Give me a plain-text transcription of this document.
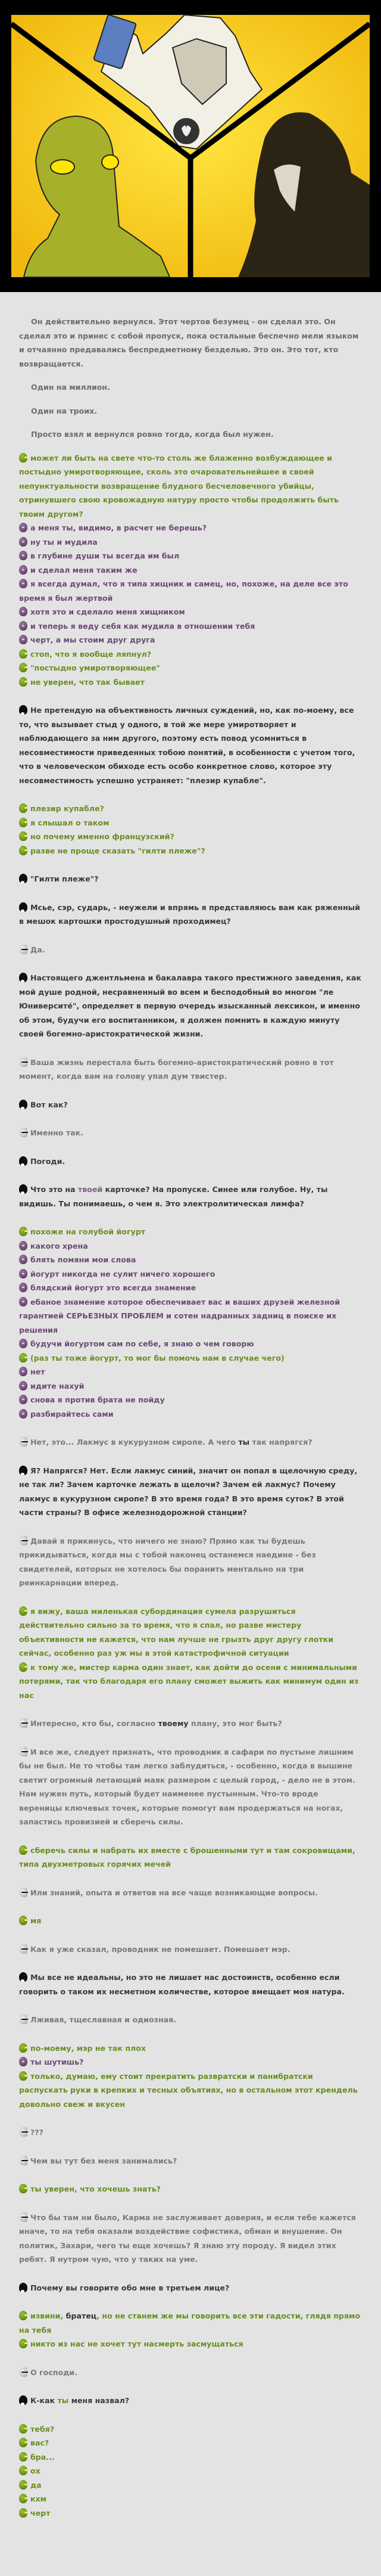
Он действительно вернулся. Этот чертов безумец - он сделал это. Он сделал это и принес с собой пропуск, пока остальные беспечно мели языком и отчаянно предавались беспредметному безделью. Это он. Это тот, кто возвращается.

Один на миллион.

Один на троих.

Просто взял и вернулся ровно тогда, когда был нужен.

может ли быть на свете что-то столь же блаженно возбуждающее и постыдно умиротворяющее, сколь это очаровательнейшее в своей непунктуальности возвращение блудного бесчеловечного убийцы, отринувшего свою кровожадную натуру просто чтобы продолжить быть твоим другом?

а меня ты, видимо, в расчет не берешь?

ну ты и мудила

в глубине души ты всегда им был

и сделал меня таким же

я всегда думал, что я типа хищник и самец, но, похоже, на деле все это время я был жертвой

хотя это и сделало меня хищником

и теперь я веду себя как мудила в отношении тебя

черт, а мы стоим друг друга

стоп, что я вообще ляпнул?

"постыдно умиротворяющее"

не уверен, что так бывает

Не претендую на объективность личных суждений, но, как по-моему, все то, что вызывает стыд у одного, в той же мере умиротворяет и наблюдающего за ним другого, поэтому есть повод усомниться в несовместимости приведенных тобою понятий, в особенности с учетом того, что в человеческом обиходе есть особо конкретное слово, которое эту несовместимость успешно устраняет: "плезир купабле".

плезир купабле?

я слышал о таком

но почему именно французский?

разве не проще сказать "гилти плеже"?

"Гилти плеже"?

Мсье, сэр, сударь, - неужели и впрямь я представляюсь вам как ряженный в мешок картошки простодушный проходимец?

Да.

Настоящего джентльмена и бакалавра такого престижного заведения, как мой душе родной, несравненный во всем и бесподобный во многом "ле Юниверсите́", определяет в первую очередь изысканный лексикон, и именно об этом, будучи его воспитанником, я должен помнить в каждую минуту своей богемно-аристократической жизни.

Ваша жизнь перестала быть богемно-аристократический ровно в тот момент, когда вам на голову упал дум твистер.

Вот как?

Именно так.

Погоди.

Что это на твоей карточке? На пропуске. Синее или голубое. Ну, ты видишь. Ты понимаешь, о чем я. Это электролитическая лимфа?

похоже на голубой йогурт

какого хрена

блять помяни мои слова

йогурт никогда не сулит ничего хорошего

блядский йогурт это всегда знамение

ебаное знамение которое обеспечивает вас и ваших друзей железной гарантией СЕРЬЕЗНЫХ ПРОБЛЕМ и сотен надранных задниц в поиске их решения

будучи йогуртом сам по себе, я знаю о чем говорю

(раз ты тоже йогурт, то мог бы помочь нам в случае чего)

нет

идите нахуй

снова я против брата не пойду

разбирайтесь сами

Нет, это... Лакмус в кукурузном сиропе. А чего ты так напрягся?

Я? Напрягся? Нет. Если лакмус синий, значит он попал в щелочную среду, не так ли? Зачем карточке лежать в щелочи? Зачем ей лакмус? Почему лакмус в кукурузном сиропе? В это время года? В это время суток? В этой части страны? В офисе железнодорожной станции?

Давай я прикинусь, что ничего не знаю? Прямо как ты будешь прикидываться, когда мы с тобой наконец останемся наедине - без свидетелей, которых не хотелось бы поранить ментально на три реинкарнации вперед.

я вижу, ваша миленькая субординация сумела разрушиться действительно сильно за то время, что я спал, но разве мистеру объективности не кажется, что нам лучше не грызть друг другу глотки сейчас, особенно раз уж мы в этой катастрофичной ситуации

к тому же, мистер карма один знает, как дойти до осени с минимальными потерями, так что благодаря его плану сможет выжить как минимум один из нас

Интересно, кто бы, согласно твоему плану, это мог быть?

И все же, следует признать, что проводник в сафари по пустыне лишним бы не был. Не то чтобы там легко заблудиться, - особенно, когда в вышине светит огромный летающий маяк размером с целый город, - дело не в этом. Нам нужен путь, который будет наименее пустынным. Что-то вроде вереницы ключевых точек, которые помогут вам продержаться на ногах, запастись провизией и сберечь силы.

сберечь силы и набрать их вместе с брошенными тут и там сокровищами, типа двухметровых горячих мечей

Или знаний, опыта и ответов на все чаще возникающие вопросы.

мя

Как я уже сказал, проводник не помешает. Помешает мэр.

Мы все не идеальны, но это не лишает нас достоинств, особенно если говорить о таком их несметном количестве, которое вмещает моя натура.

Лживая, тщеславная и одиозная.

по-моему, мэр не так плох

ты шутишь?

только, думаю, ему стоит прекратить развратски и панибратски распускать руки в крепких и тесных объятиях, но в остальном этот крендель довольно свеж и вкусен

???

Чем вы тут без меня занимались?

ты уверен, что хочешь знать?

Что бы там ни было, Карма не заслуживает доверия, и если тебе кажется иначе, то на тебя оказали воздействие софистика, обман и внушение. Он политик, Захари, чего ты еще хочешь? Я знаю эту породу. Я видел этих ребят. Я нутром чую, что у таких на уме.

Почему вы говорите обо мне в третьем лице?

извини, братец, но не станем же мы говорить все эти гадости, глядя прямо на тебя

никто из нас не хочет тут насмерть засмущаться

О господи.

К-как ты меня назвал?

тебя?

вас?

бра...

ох

да

кхм

черт
